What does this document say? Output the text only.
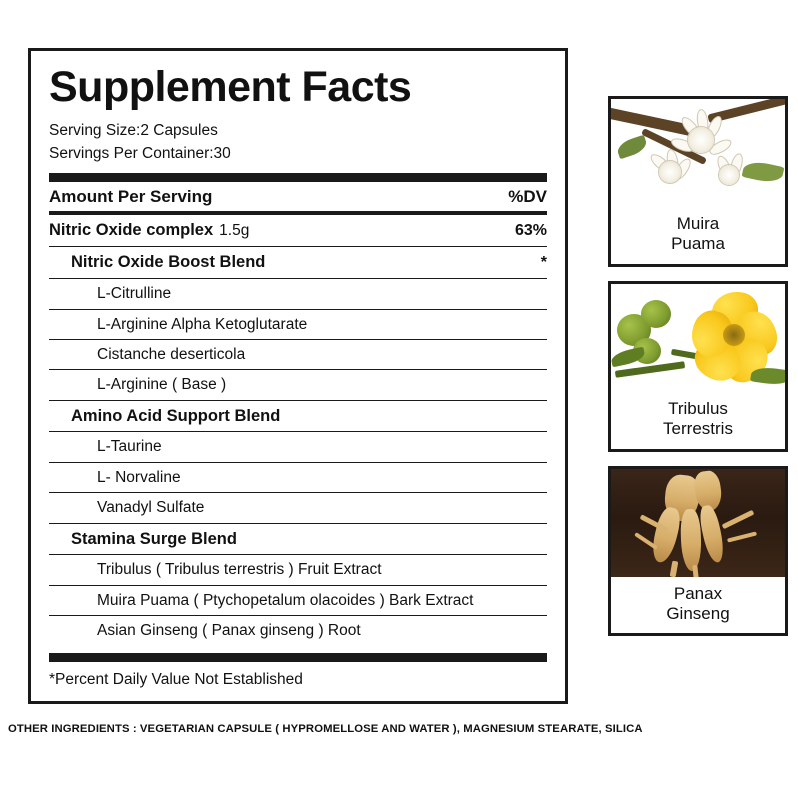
Supplement Facts
Serving Size:2 Capsules
Servings Per Container:30
Amount Per Serving	%DV
Nitric Oxide complex 1.5g	63%
Nitric Oxide Boost Blend	*
L-Citrulline
L-Arginine Alpha Ketoglutarate
Cistanche deserticola
L-Arginine ( Base )
Amino Acid Support Blend
L-Taurine
L- Norvaline
Vanadyl Sulfate
Stamina Surge Blend
Tribulus ( Tribulus terrestris ) Fruit Extract
Muira Puama ( Ptychopetalum olacoides ) Bark Extract
Asian Ginseng ( Panax ginseng ) Root
*Percent Daily Value Not Established
OTHER INGREDIENTS : VEGETARIAN CAPSULE ( HYPROMELLOSE AND WATER ), MAGNESIUM STEARATE, SILICA
Muira
Puama
Tribulus
Terrestris
Panax
Ginseng
